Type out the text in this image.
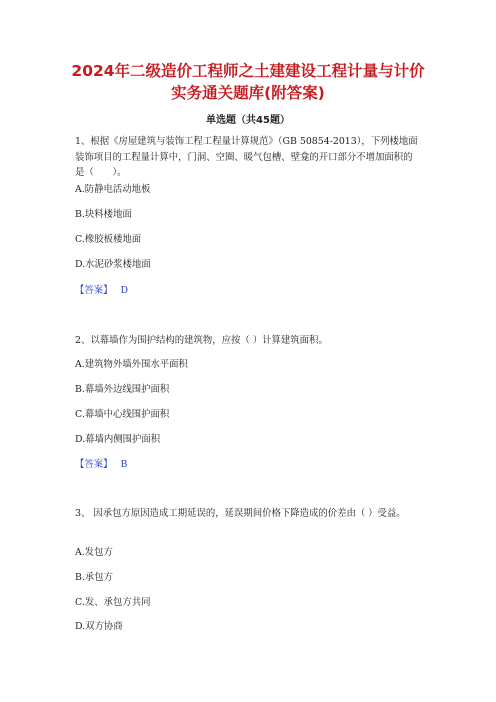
2024年二级造价工程师之土建建设工程计量与计价
实务通关题库(附答案)
单选题（共45题）
1、根据《房屋建筑与装饰工程工程量计算规范》（GB 50854-2013），下列楼地面装饰项目的工程量计算中，门洞、空圈、暖气包槽、壁龛的开口部分不增加面积的是（　　）。
A.防静电活动地板
B.块料楼地面
C.橡胶板楼地面
D.水泥砂浆楼地面
【答案】 D
2、以幕墙作为围护结构的建筑物，应按（ ）计算建筑面积。
A.建筑物外墙外围水平面积
B.幕墙外边线围护面积
C.幕墙中心线围护面积
D.幕墙内侧围护面积
【答案】 B
3、 因承包方原因造成工期延误的，延误期间价格下降造成的价差由（ ）受益。
A.发包方
B.承包方
C.发、承包方共同
D.双方协商
